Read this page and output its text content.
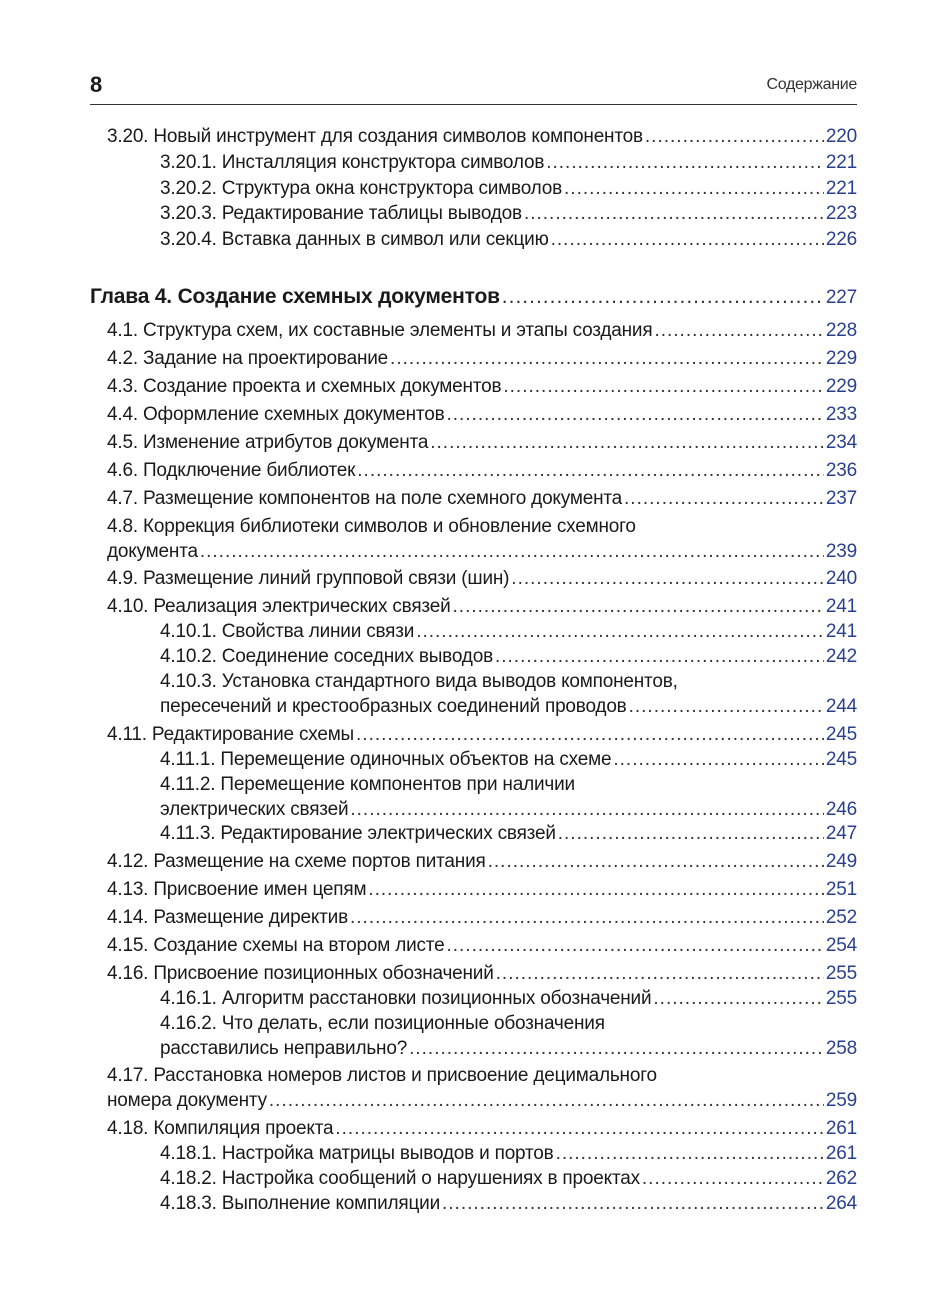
8	Содержание
3.20. Новый инструмент для создания символов компонентов .....	220
3.20.1. Инсталляция конструктора символов .....	221
3.20.2. Структура окна конструктора символов .....	221
3.20.3. Редактирование таблицы выводов .....	223
3.20.4. Вставка данных в символ или секцию .....	226
Глава 4. Создание схемных документов .....	227
4.1. Структура схем, их составные элементы и этапы создания .....	228
4.2. Задание на проектирование .....	229
4.3. Создание проекта и схемных документов .....	229
4.4. Оформление схемных документов .....	233
4.5. Изменение атрибутов документа .....	234
4.6. Подключение библиотек .....	236
4.7. Размещение компонентов на поле схемного документа .....	237
4.8. Коррекция библиотеки символов и обновление схемного
документа .....	239
4.9. Размещение линий групповой связи (шин) .....	240
4.10. Реализация электрических связей .....	241
4.10.1. Свойства линии связи .....	241
4.10.2. Соединение соседних выводов .....	242
4.10.3. Установка стандартного вида выводов компонентов,
пересечений и крестообразных соединений проводов .....	244
4.11. Редактирование схемы .....	245
4.11.1. Перемещение одиночных объектов на схеме .....	245
4.11.2. Перемещение компонентов при наличии
электрических связей .....	246
4.11.3. Редактирование электрических связей .....	247
4.12. Размещение на схеме портов питания .....	249
4.13. Присвоение имен цепям .....	251
4.14. Размещение директив .....	252
4.15. Создание схемы на втором листе .....	254
4.16. Присвоение позиционных обозначений .....	255
4.16.1. Алгоритм расстановки позиционных обозначений .....	255
4.16.2. Что делать, если позиционные обозначения
расставились неправильно? .....	258
4.17. Расстановка номеров листов и присвоение децимального
номера документу .....	259
4.18. Компиляция проекта .....	261
4.18.1. Настройка матрицы выводов и портов .....	261
4.18.2. Настройка сообщений о нарушениях в проектах .....	262
4.18.3. Выполнение компиляции .....	264
